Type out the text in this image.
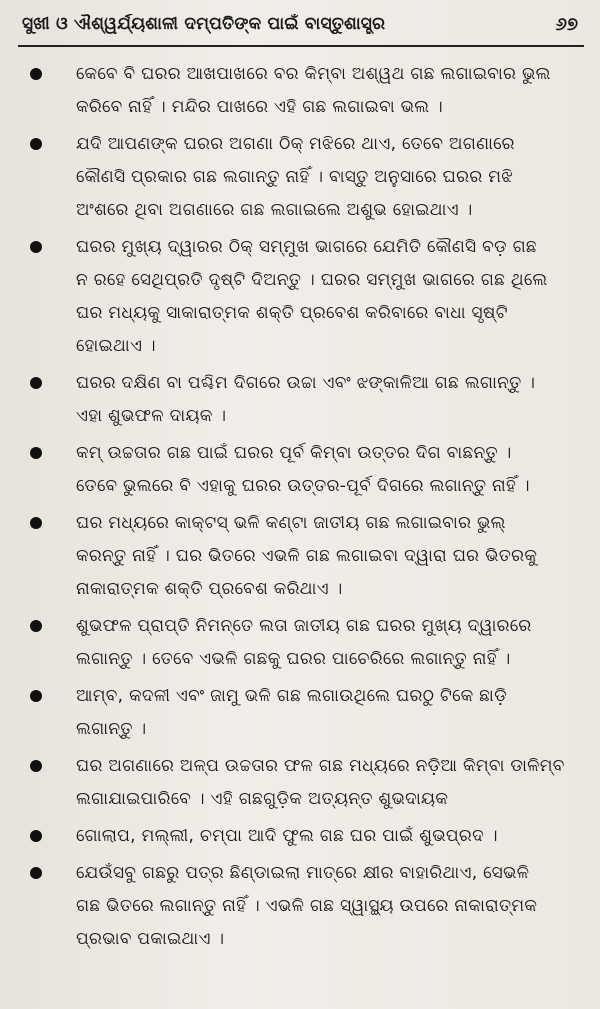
ସୁଖୀ ଓ ଐଶ୍ୱର୍ଯ୍ୟଶାଳୀ ଦମ୍ପତିଙ୍କ ପାଇଁ ବାସ୍ତୁଶାସ୍ତ୍ର	୬୭
କେବେ ବି ଘରର ଆଖପାଖରେ ବର କିମ୍ବା ଅଶ୍ୱଥ ଗଛ ଲଗାଇବାର ଭୁଲ
କରିବେ ନାହିଁ । ମନ୍ଦିର ପାଖରେ ଏହି ଗଛ ଲଗାଇବା ଭଲ ।
ଯଦି ଆପଣଙ୍କ ଘରର ଅଗଣା ଠିକ୍ ମଝିରେ ଥାଏ, ତେବେ ଅଗଣାରେ
କୌଣସି ପ୍ରକାର ଗଛ ଲଗାନ୍ତୁ ନାହିଁ । ବାସ୍ତୁ ଅନୁସାରେ ଘରର ମଝି
ଅଂଶରେ ଥିବା ଅଗଣାରେ ଗଛ ଲଗାଇଲେ ଅଶୁଭ ହୋଇଥାଏ ।
ଘରର ମୁଖ୍ୟ ଦ୍ୱାରର ଠିକ୍ ସମ୍ମୁଖ ଭାଗରେ ଯେମିତି କୌଣସି ବଡ଼ ଗଛ
ନ ରହେ ସେଥିପ୍ରତି ଦୃଷ୍ଟି ଦିଅନ୍ତୁ । ଘରର ସମ୍ମୁଖ ଭାଗରେ ଗଛ ଥିଲେ
ଘର ମଧ୍ୟକୁ ସାକାରାତ୍ମକ ଶକ୍ତି ପ୍ରବେଶ କରିବାରେ ବାଧା ସୃଷ୍ଟି
ହୋଇଥାଏ ।
ଘରର ଦକ୍ଷିଣ ବା ପଶ୍ଚିମ ଦିଗରେ ଉଚ୍ଚା ଏବଂ ଝଙ୍କାଳିଆ ଗଛ ଲଗାନ୍ତୁ ।
ଏହା ଶୁଭଫଳ ଦାୟକ ।
କମ୍ ଉଚ୍ଚତାର ଗଛ ପାଇଁ ଘରର ପୂର୍ବ କିମ୍ବା ଉତ୍ତର ଦିଗ ବାଛନ୍ତୁ ।
ତେବେ ଭୁଲରେ ବି ଏହାକୁ ଘରର ଉତ୍ତର-ପୂର୍ବ ଦିଗରେ ଲଗାନ୍ତୁ ନାହିଁ ।
ଘର ମଧ୍ୟରେ କାକ୍ଟସ୍ ଭଳି କଣ୍ଟା ଜାତୀୟ ଗଛ ଲଗାଇବାର ଭୁଲ୍
କରନ୍ତୁ ନାହିଁ । ଘର ଭିତରେ ଏଭଳି ଗଛ ଲଗାଇବା ଦ୍ୱାରା ଘର ଭିତରକୁ
ନାକାରାତ୍ମକ ଶକ୍ତି ପ୍ରବେଶ କରିଥାଏ ।
ଶୁଭଫଳ ପ୍ରାପ୍ତି ନିମନ୍ତେ ଲତା ଜାତୀୟ ଗଛ ଘରର ମୁଖ୍ୟ ଦ୍ୱାରରେ
ଲଗାନ୍ତୁ । ତେବେ ଏଭଳି ଗଛକୁ ଘରର ପାଚେରିରେ ଲଗାନ୍ତୁ ନାହିଁ ।
ଆମ୍ବ, କଦଳୀ ଏବଂ ଜାମୁ ଭଳି ଗଛ ଲଗାଉଥିଲେ ଘରଠୁ ଟିକେ ଛାଡ଼ି
ଲଗାନ୍ତୁ ।
ଘର ଅଗଣାରେ ଅଳ୍ପ ଉଚ୍ଚତାର ଫଳ ଗଛ ମଧ୍ୟରେ ନଡ଼ିଆ କିମ୍ବା ଡାଳିମ୍ବ
ଲଗାଯାଇପାରିବେ । ଏହି ଗଛଗୁଡ଼ିକ ଅତ୍ୟନ୍ତ ଶୁଭଦାୟକ
ଗୋଲାପ, ମଲ୍ଲୀ, ଚମ୍ପା ଆଦି ଫୁଲ ଗଛ ଘର ପାଇଁ ଶୁଭପ୍ରଦ ।
ଯେଉଁସବୁ ଗଛରୁ ପତ୍ର ଛିଣ୍ଡାଇଲା ମାତ୍ରେ କ୍ଷୀର ବାହାରିଥାଏ, ସେଭଳି
ଗଛ ଭିତରେ ଲଗାନ୍ତୁ ନାହିଁ । ଏଭଳି ଗଛ ସ୍ୱାସ୍ଥ୍ୟ ଉପରେ ନାକାରାତ୍ମକ
ପ୍ରଭାବ ପକାଇଥାଏ ।
